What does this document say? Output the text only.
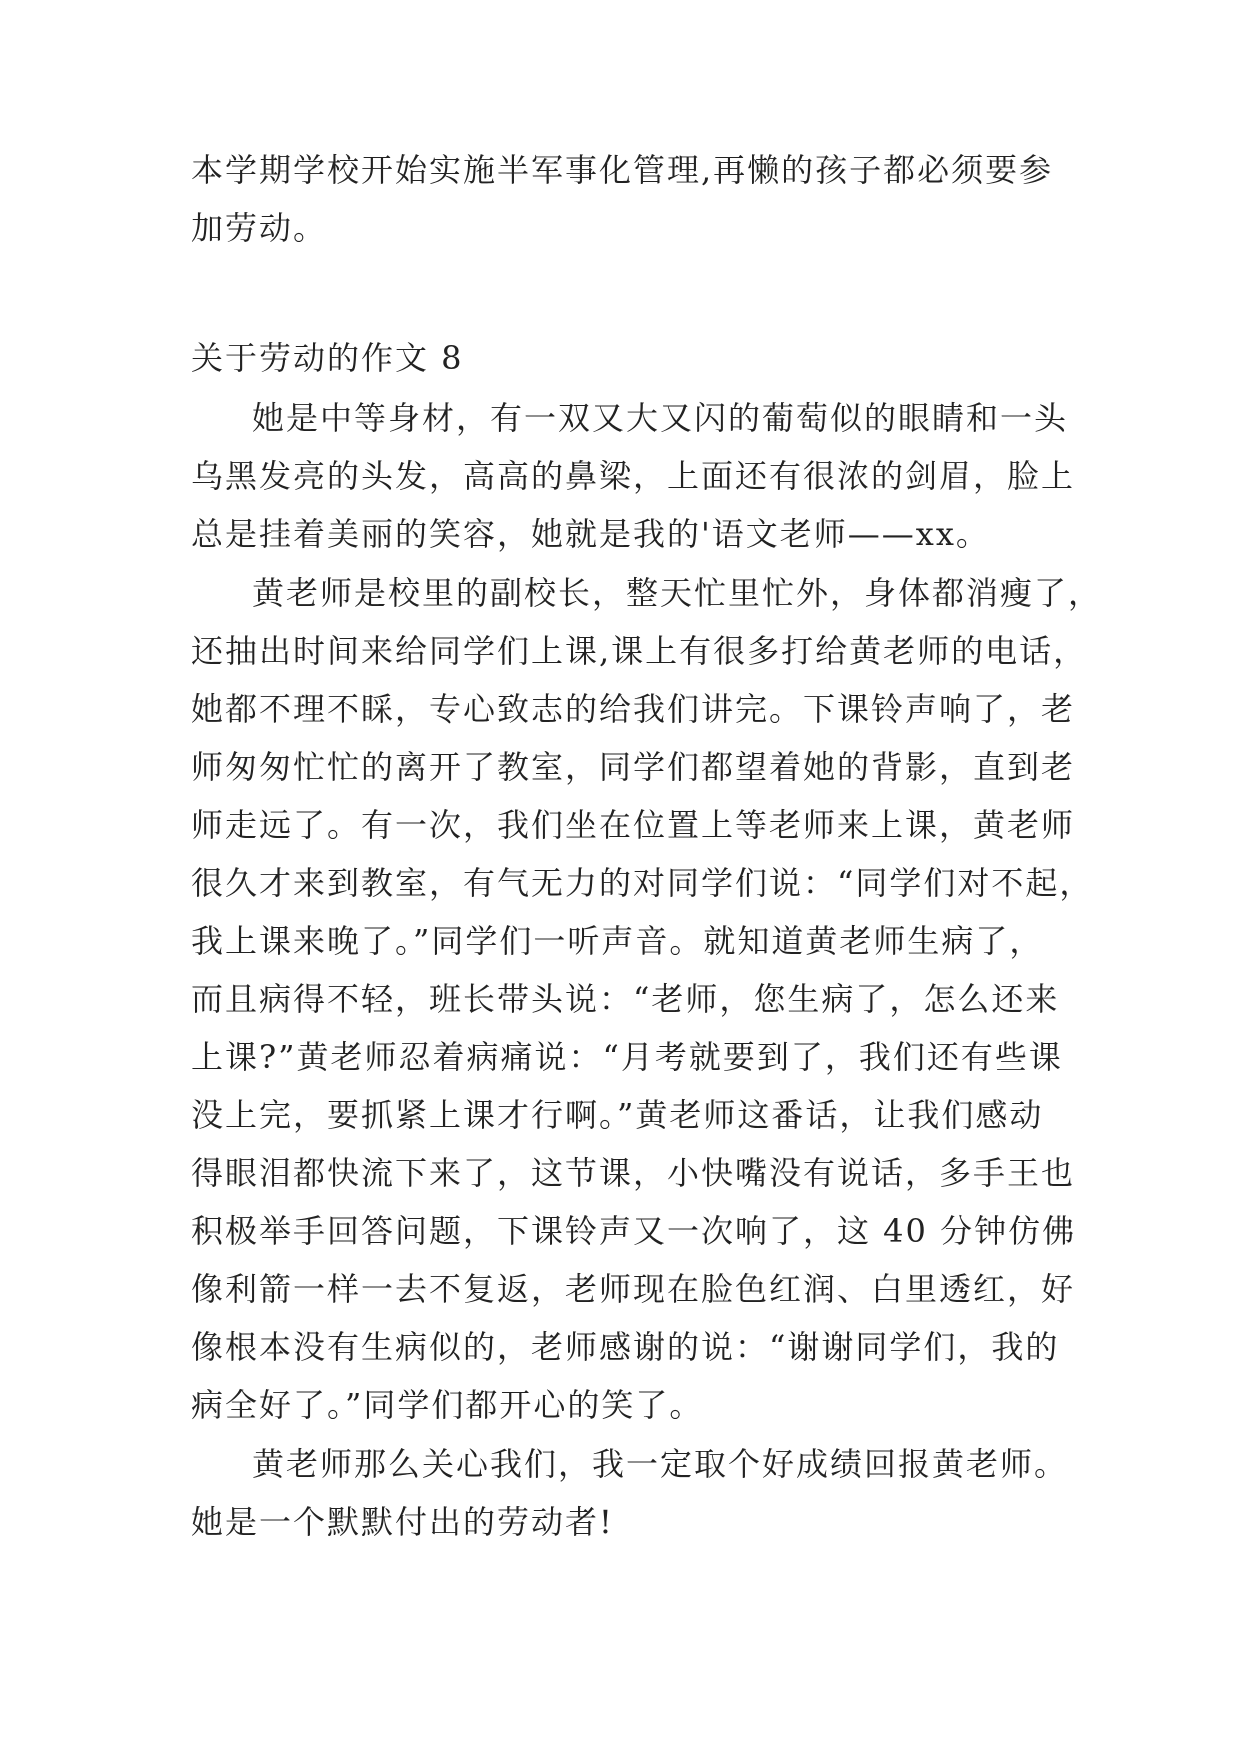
本学期学校开始实施半军事化管理,再懒的孩子都必须要参
加劳动。
关于劳动的作文 8
她是中等身材，有一双又大又闪的葡萄似的眼睛和一头
乌黑发亮的头发，高高的鼻梁，上面还有很浓的剑眉，脸上
总是挂着美丽的笑容，她就是我的'语文老师——xx。
黄老师是校里的副校长，整天忙里忙外，身体都消瘦了，
还抽出时间来给同学们上课,课上有很多打给黄老师的电话，
她都不理不睬，专心致志的给我们讲完。下课铃声响了，老
师匆匆忙忙的离开了教室，同学们都望着她的背影，直到老
师走远了。有一次，我们坐在位置上等老师来上课，黄老师
很久才来到教室，有气无力的对同学们说：“同学们对不起，
我上课来晚了。”同学们一听声音。就知道黄老师生病了，
而且病得不轻，班长带头说：“老师，您生病了，怎么还来
上课?”黄老师忍着病痛说：“月考就要到了，我们还有些课
没上完，要抓紧上课才行啊。”黄老师这番话，让我们感动
得眼泪都快流下来了，这节课，小快嘴没有说话，多手王也
积极举手回答问题，下课铃声又一次响了，这 40 分钟仿佛
像利箭一样一去不复返，老师现在脸色红润、白里透红，好
像根本没有生病似的，老师感谢的说：“谢谢同学们，我的
病全好了。”同学们都开心的笑了。
黄老师那么关心我们，我一定取个好成绩回报黄老师。
她是一个默默付出的劳动者!
